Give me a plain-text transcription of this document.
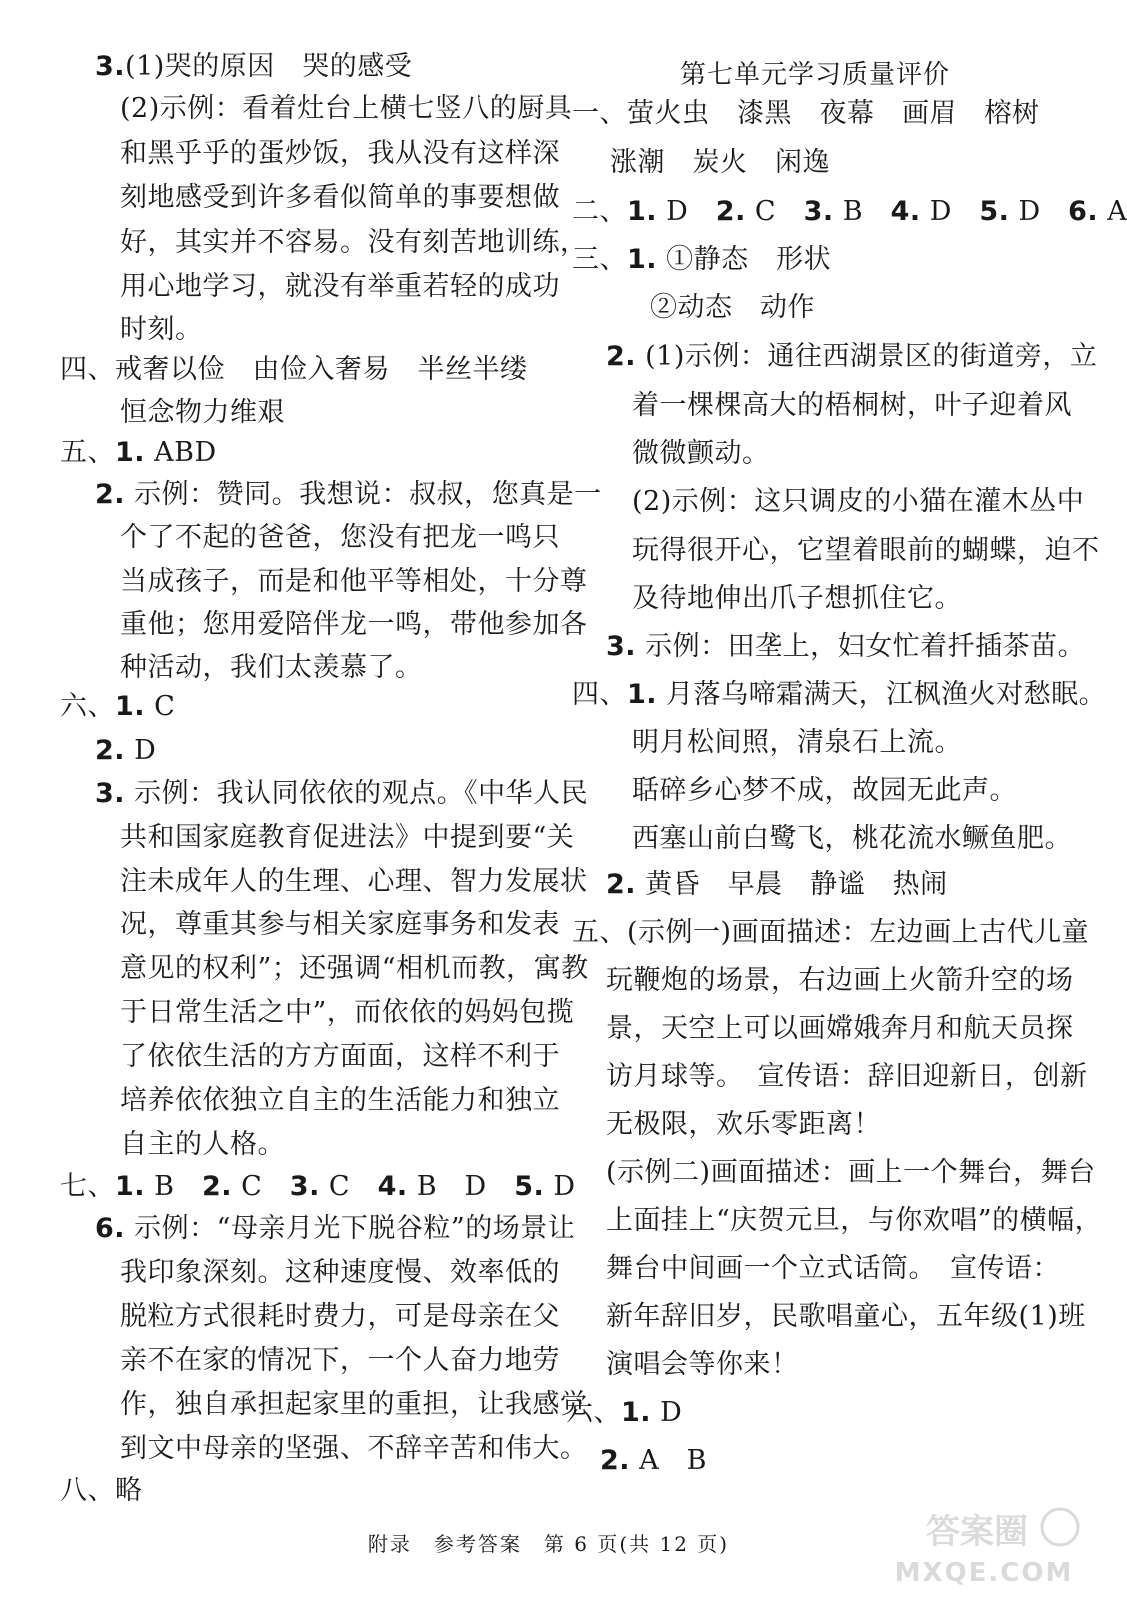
3.(1)哭的原因　哭的感受
(2)示例：看着灶台上横七竖八的厨具
和黑乎乎的蛋炒饭，我从没有这样深
刻地感受到许多看似简单的事要想做
好，其实并不容易。没有刻苦地训练，
用心地学习，就没有举重若轻的成功
时刻。
四、戒奢以俭　由俭入奢易　半丝半缕
恒念物力维艰
五、1. ABD
2. 示例：赞同。我想说：叔叔，您真是一
个了不起的爸爸，您没有把龙一鸣只
当成孩子，而是和他平等相处，十分尊
重他；您用爱陪伴龙一鸣，带他参加各
种活动，我们太羡慕了。
六、1. C
2. D
3. 示例：我认同依依的观点。《中华人民
共和国家庭教育促进法》中提到要“关
注未成年人的生理、心理、智力发展状
况，尊重其参与相关家庭事务和发表
意见的权利”；还强调“相机而教，寓教
于日常生活之中”，而依依的妈妈包揽
了依依生活的方方面面，这样不利于
培养依依独立自主的生活能力和独立
自主的人格。
七、1. B　2. C　3. C　4. B　D　5. D
6. 示例：“母亲月光下脱谷粒”的场景让
我印象深刻。这种速度慢、效率低的
脱粒方式很耗时费力，可是母亲在父
亲不在家的情况下，一个人奋力地劳
作，独自承担起家里的重担，让我感觉
到文中母亲的坚强、不辞辛苦和伟大。
八、略
第七单元学习质量评价
一、萤火虫　漆黑　夜幕　画眉　榕树
涨潮　炭火　闲逸
二、1. D　2. C　3. B　4. D　5. D　6. A
三、1. ①静态　形状
②动态　动作
2. (1)示例：通往西湖景区的街道旁，立
着一棵棵高大的梧桐树，叶子迎着风
微微颤动。
(2)示例：这只调皮的小猫在灌木丛中
玩得很开心，它望着眼前的蝴蝶，迫不
及待地伸出爪子想抓住它。
3. 示例：田垄上，妇女忙着扦插茶苗。
四、1. 月落乌啼霜满天，江枫渔火对愁眠。
明月松间照，清泉石上流。
聒碎乡心梦不成，故园无此声。
西塞山前白鹭飞，桃花流水鳜鱼肥。
2. 黄昏　早晨　静谧　热闹
五、(示例一)画面描述：左边画上古代儿童
玩鞭炮的场景，右边画上火箭升空的场
景，天空上可以画嫦娥奔月和航天员探
访月球等。　宣传语：辞旧迎新日，创新
无极限，欢乐零距离！
(示例二)画面描述：画上一个舞台，舞台
上面挂上“庆贺元旦，与你欢唱”的横幅，
舞台中间画一个立式话筒。　宣传语：
新年辞旧岁，民歌唱童心，五年级(1)班
演唱会等你来！
六、1. D
2. A　B
附录　参考答案　第 6 页(共 12 页)	答案圈
MXQE.COM
